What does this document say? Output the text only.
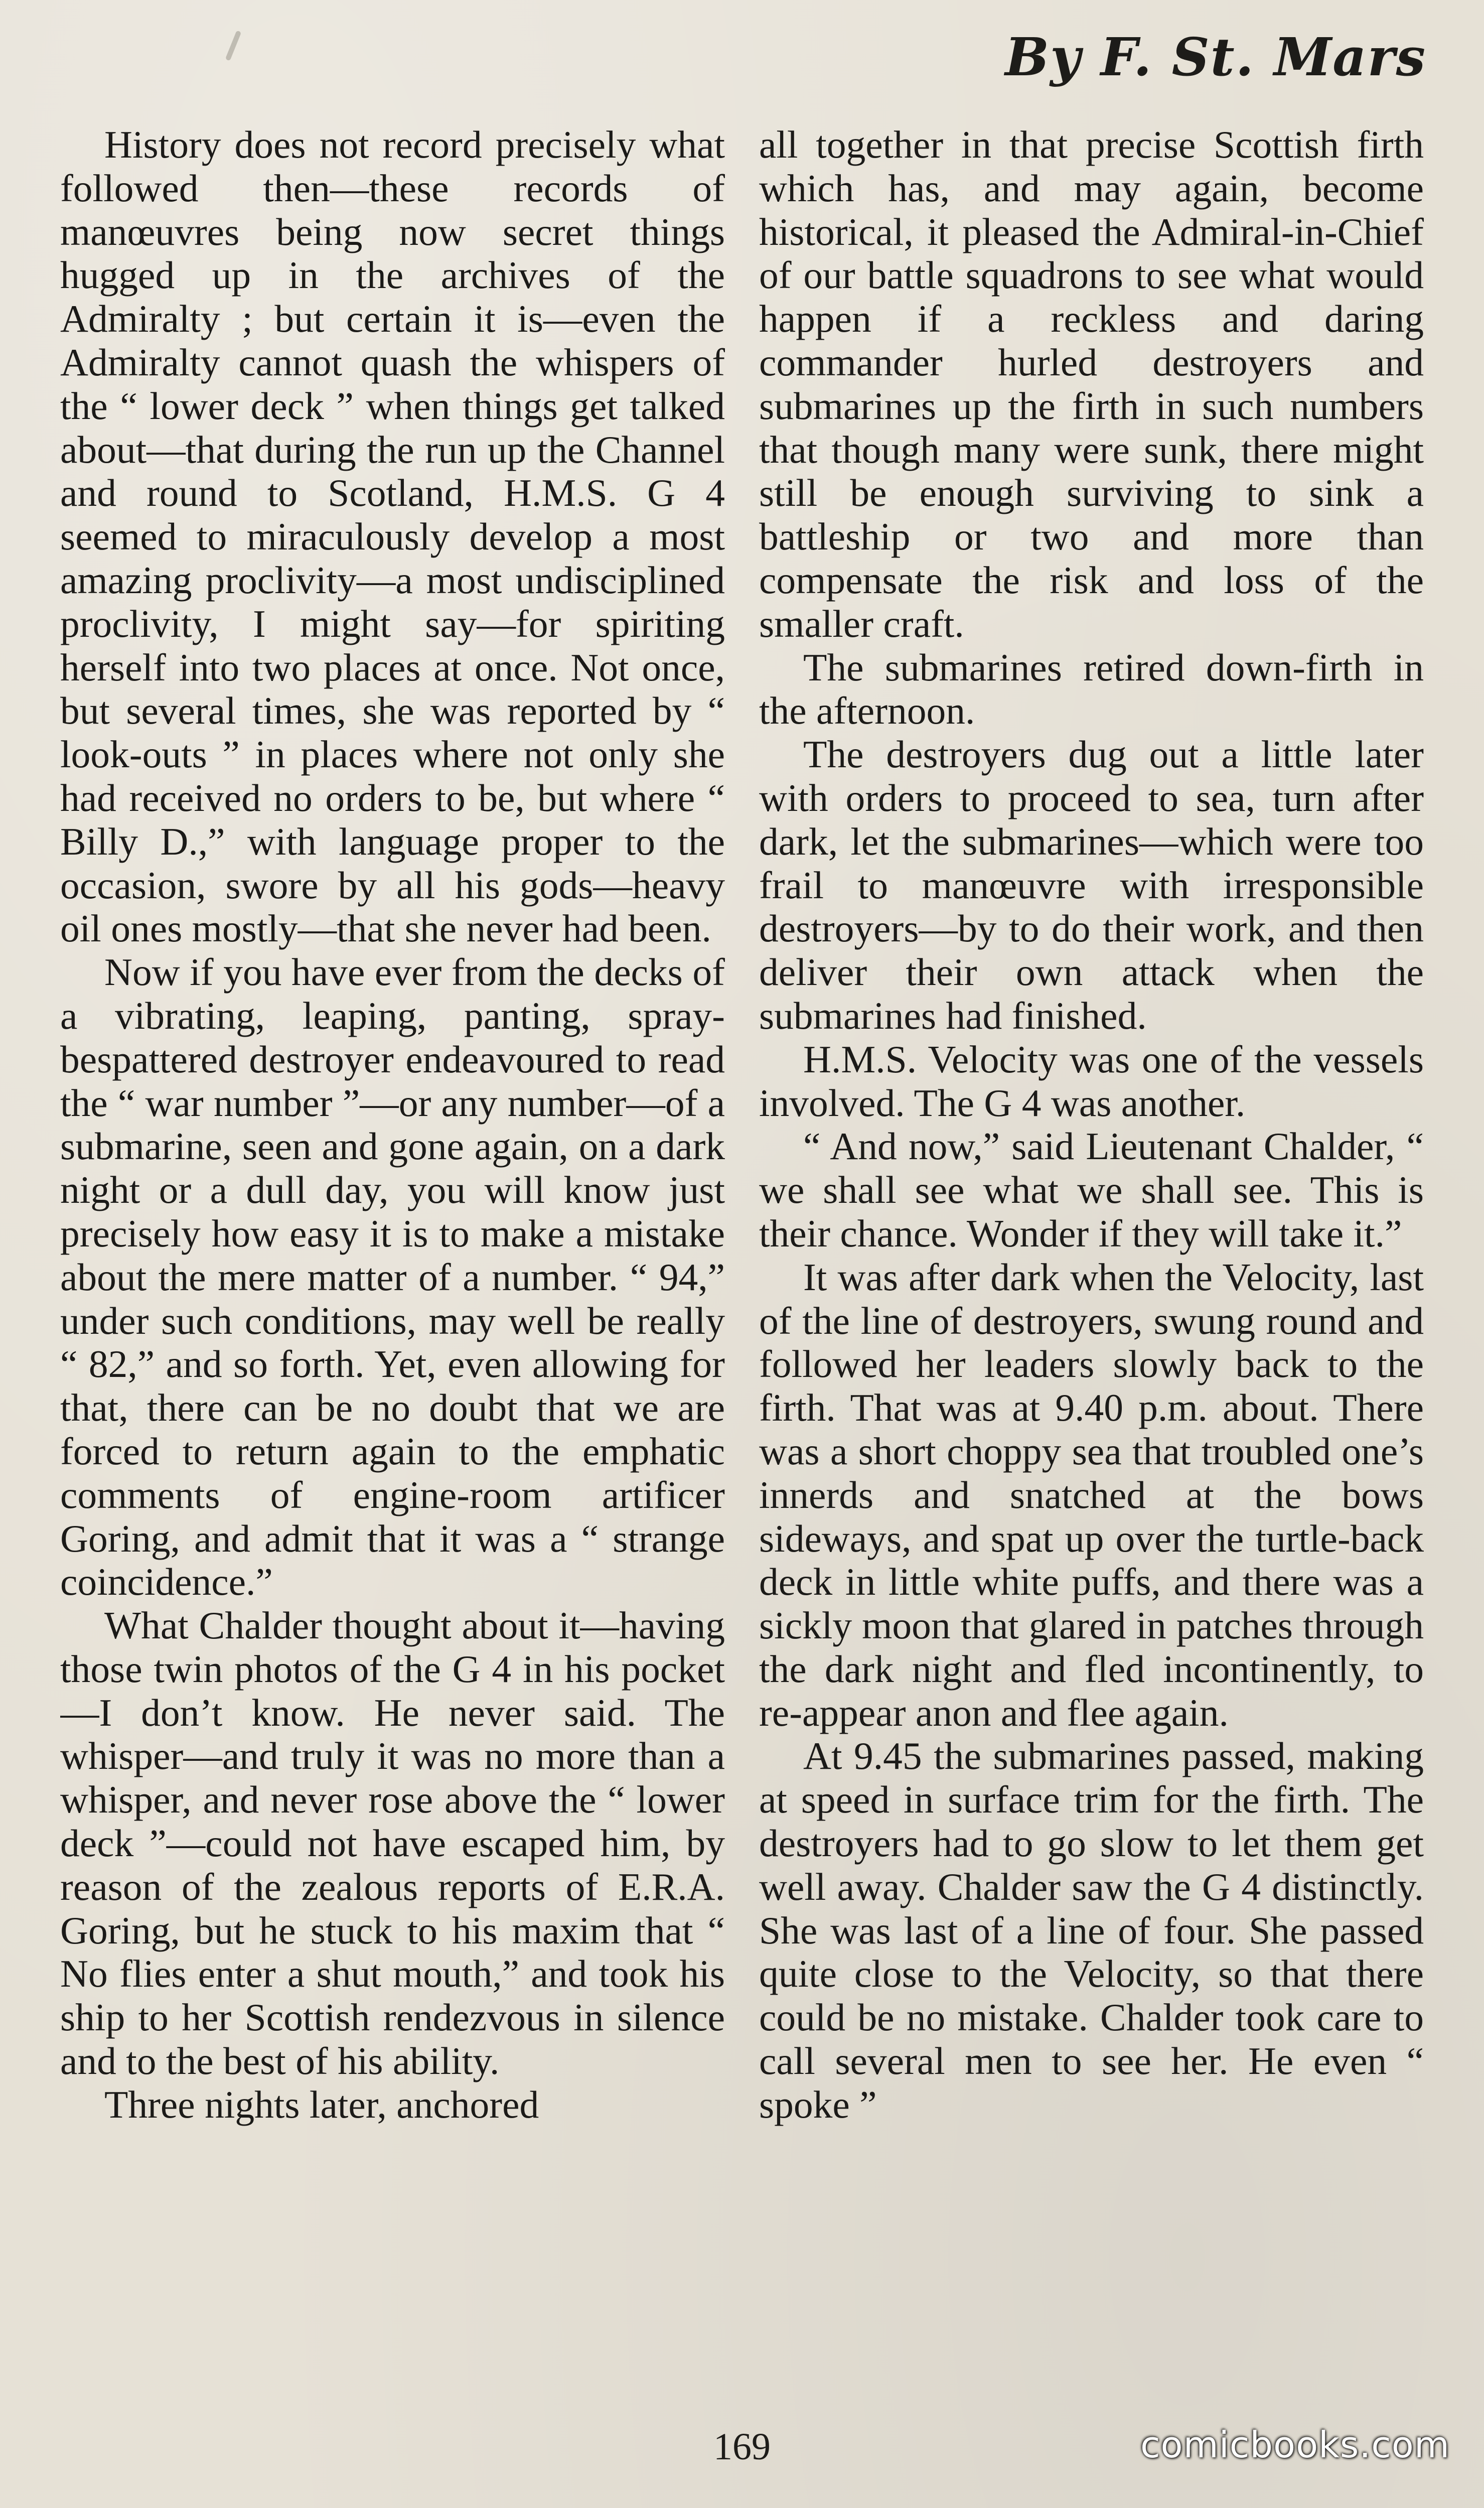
By F. St. Mars

History does not record precisely what followed then—these records of manœuvres being now secret things hugged up in the archives of the Admiralty ; but certain it is—even the Admiralty cannot quash the whispers of the “ lower deck ” when things get talked about—that during the run up the Channel and round to Scotland, H.M.S. G 4 seemed to miraculously develop a most amazing proclivity—a most undisciplined proclivity, I might say—for spiriting herself into two places at once. Not once, but several times, she was reported by “ look-outs ” in places where not only she had received no orders to be, but where “ Billy D.,” with language proper to the occasion, swore by all his gods—heavy oil ones mostly—that she never had been.

Now if you have ever from the decks of a vibrating, leaping, panting, spray-bespattered destroyer endeavoured to read the “ war number ”—or any number—of a submarine, seen and gone again, on a dark night or a dull day, you will know just precisely how easy it is to make a mistake about the mere matter of a number. “ 94,” under such conditions, may well be really “ 82,” and so forth. Yet, even allowing for that, there can be no doubt that we are forced to return again to the emphatic comments of engine-room artificer Goring, and admit that it was a “ strange coincidence.”

What Chalder thought about it—having those twin photos of the G 4 in his pocket—I don’t know. He never said. The whisper—and truly it was no more than a whisper, and never rose above the “ lower deck ”—could not have escaped him, by reason of the zealous reports of E.R.A. Goring, but he stuck to his maxim that “ No flies enter a shut mouth,” and took his ship to her Scottish rendezvous in silence and to the best of his ability.

Three nights later, anchored

all together in that precise Scottish firth which has, and may again, become historical, it pleased the Admiral-in-Chief of our battle squadrons to see what would happen if a reckless and daring commander hurled destroyers and submarines up the firth in such numbers that though many were sunk, there might still be enough surviving to sink a battleship or two and more than compensate the risk and loss of the smaller craft.

The submarines retired down-firth in the afternoon.

The destroyers dug out a little later with orders to proceed to sea, turn after dark, let the submarines—which were too frail to manœuvre with irresponsible destroyers—by to do their work, and then deliver their own attack when the submarines had finished.

H.M.S. Velocity was one of the vessels involved. The G 4 was another.

“ And now,” said Lieutenant Chalder, “ we shall see what we shall see. This is their chance. Wonder if they will take it.”

It was after dark when the Velocity, last of the line of destroyers, swung round and followed her leaders slowly back to the firth. That was at 9.40 p.m. about. There was a short choppy sea that troubled one’s innerds and snatched at the bows sideways, and spat up over the turtle-back deck in little white puffs, and there was a sickly moon that glared in patches through the dark night and fled incontinently, to re-appear anon and flee again.

At 9.45 the submarines passed, making at speed in surface trim for the firth. The destroyers had to go slow to let them get well away. Chalder saw the G 4 distinctly. She was last of a line of four. She passed quite close to the Velocity, so that there could be no mistake. Chalder took care to call several men to see her. He even “ spoke ”

169	comicbooks.com
